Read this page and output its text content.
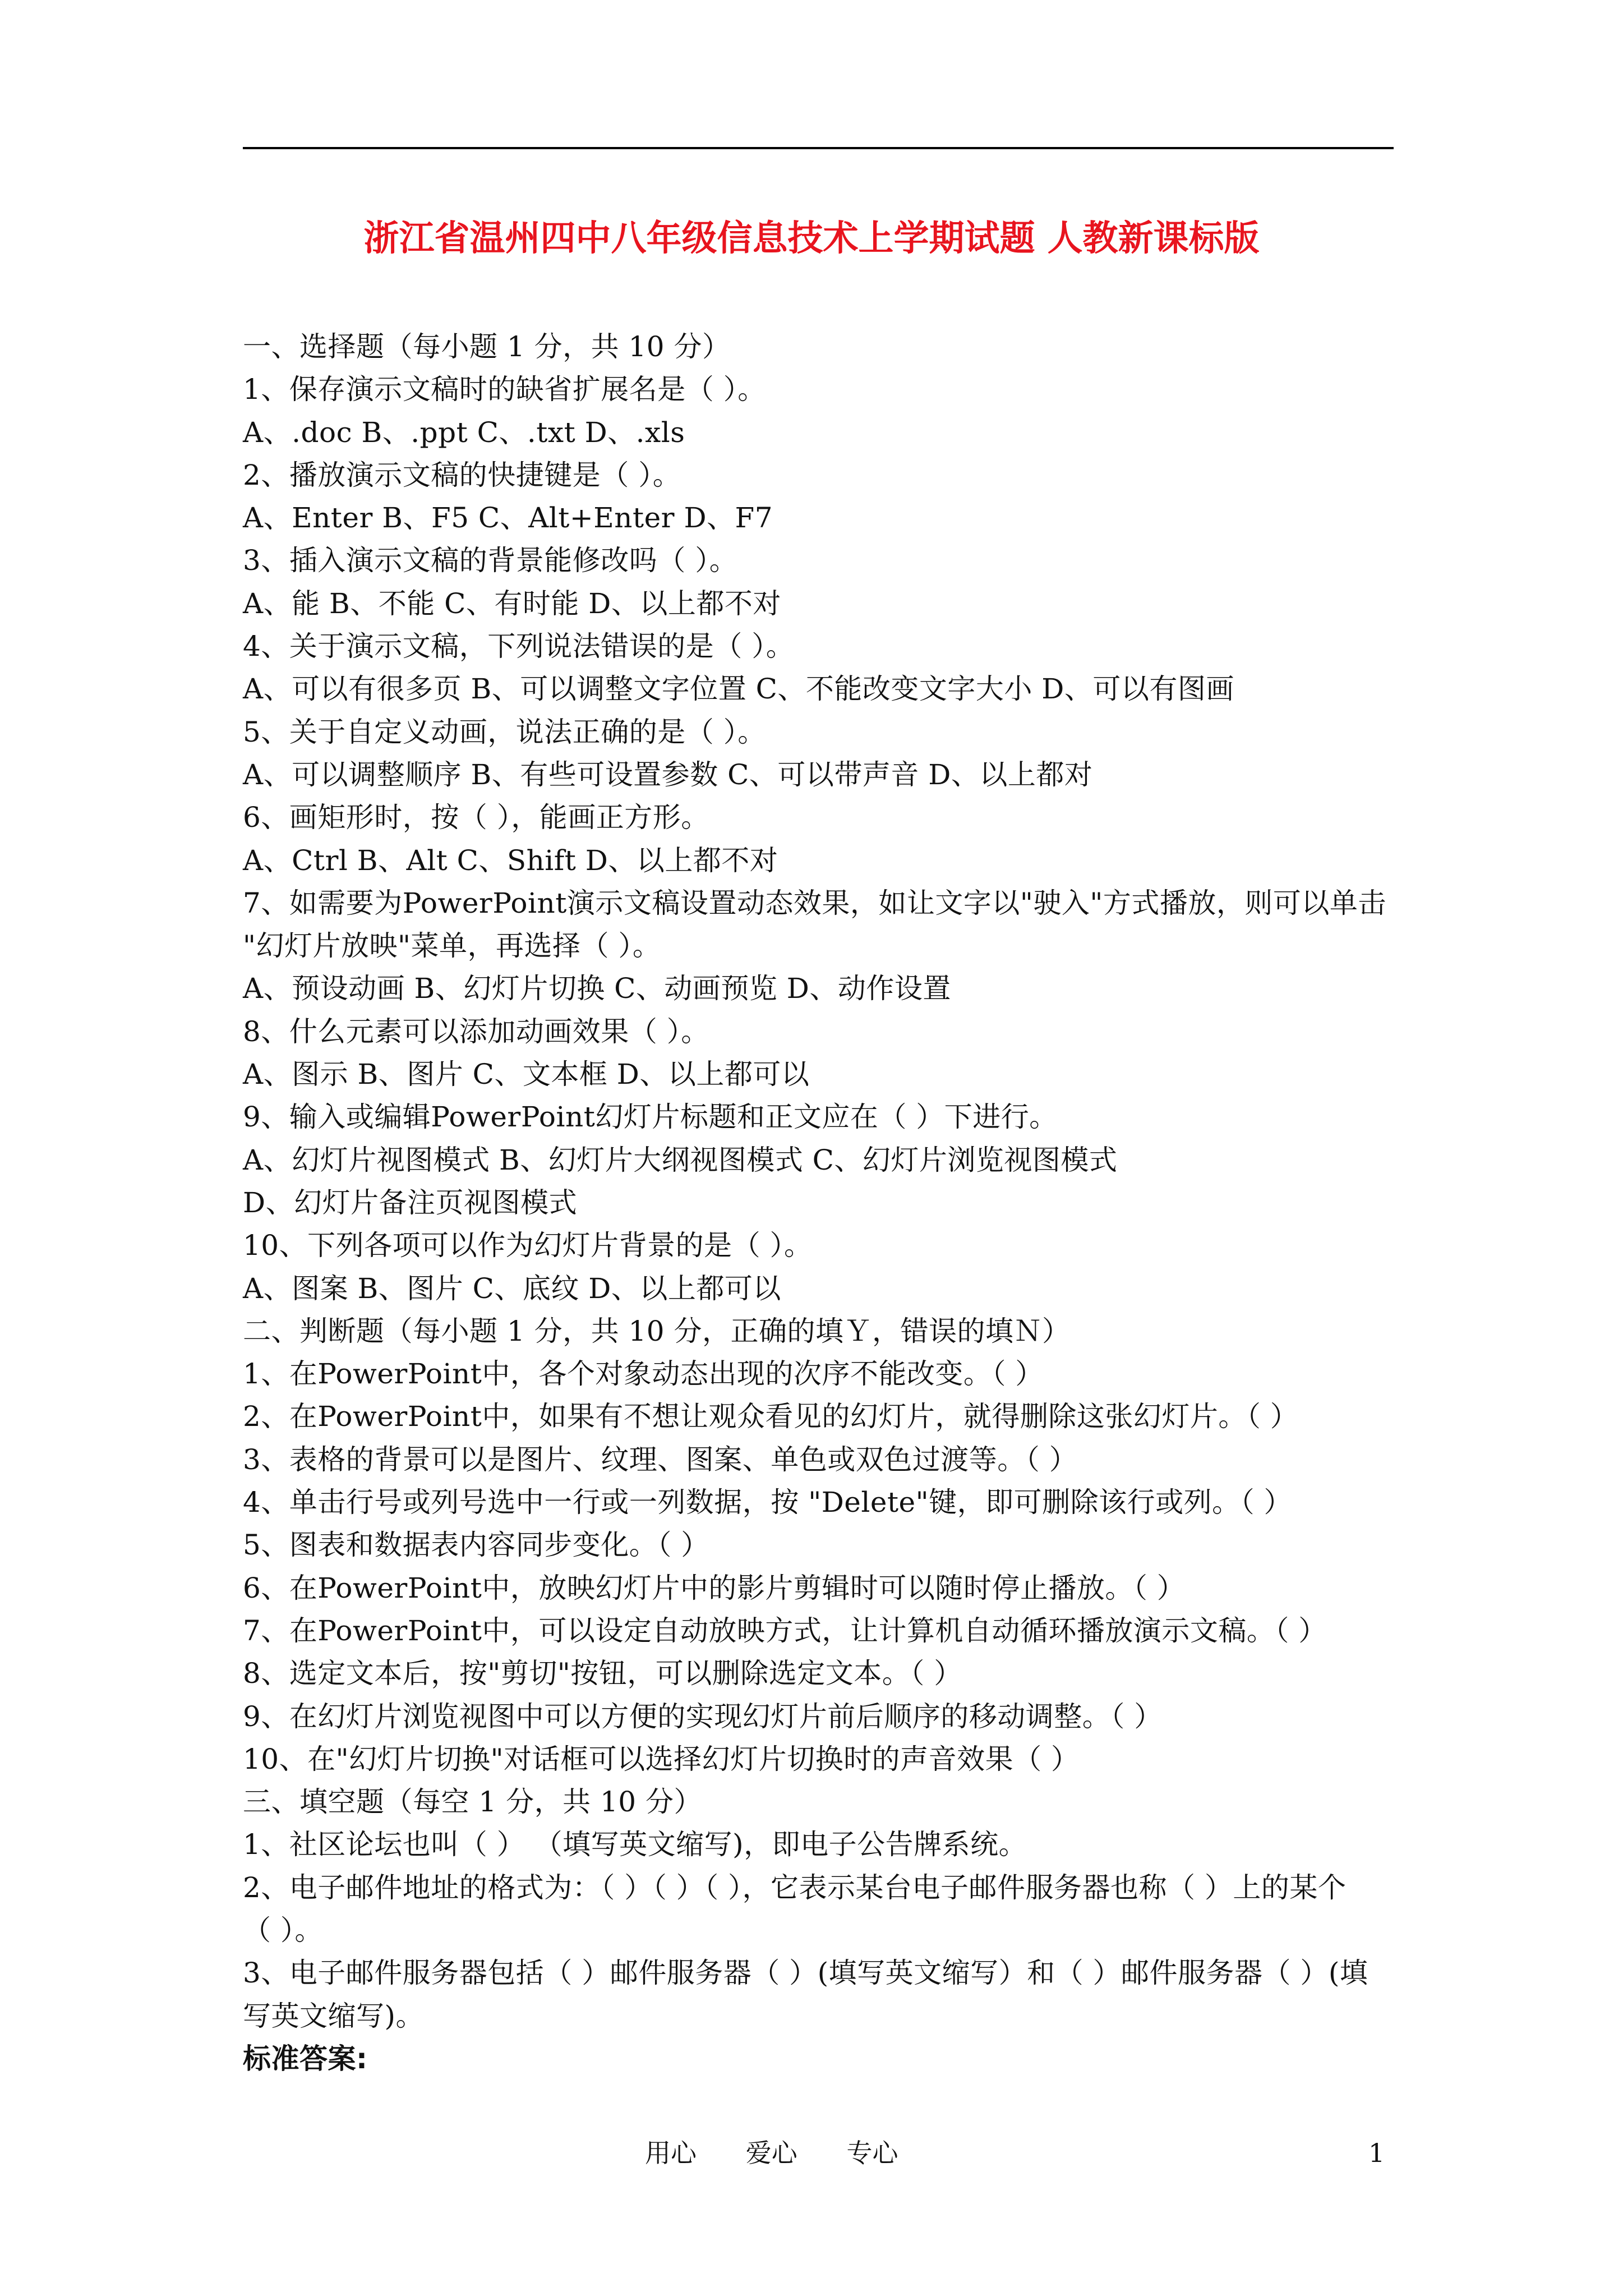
浙江省温州四中八年级信息技术上学期试题 人教新课标版
一、选择题（每小题 1 分，共 10 分）
1、保存演示文稿时的缺省扩展名是（ ）。
A、.doc B、.ppt C、.txt D、.xls
2、播放演示文稿的快捷键是（ ）。
A、Enter B、F5 C、Alt+Enter D、F7
3、插入演示文稿的背景能修改吗（ ）。
A、能 B、不能 C、有时能 D、以上都不对
4、关于演示文稿，下列说法错误的是（ ）。
A、可以有很多页 B、可以调整文字位置 C、不能改变文字大小 D、可以有图画
5、关于自定义动画，说法正确的是（ ）。
A、可以调整顺序 B、有些可设置参数 C、可以带声音 D、以上都对
6、画矩形时，按（ ），能画正方形。
A、Ctrl B、Alt C、Shift D、以上都不对
7、如需要为PowerPoint演示文稿设置动态效果，如让文字以"驶入"方式播放，则可以单击
"幻灯片放映"菜单，再选择（ ）。
A、预设动画 B、幻灯片切换 C、动画预览 D、动作设置
8、什么元素可以添加动画效果（ ）。
A、图示 B、图片 C、文本框 D、以上都可以
9、输入或编辑PowerPoint幻灯片标题和正文应在（ ）下进行。
A、幻灯片视图模式 B、幻灯片大纲视图模式 C、幻灯片浏览视图模式
D、幻灯片备注页视图模式
10、下列各项可以作为幻灯片背景的是（ ）。
A、图案 B、图片 C、底纹 D、以上都可以
二、判断题（每小题 1 分，共 10 分，正确的填Ｙ，错误的填Ｎ）
1、在PowerPoint中，各个对象动态出现的次序不能改变。（ ）
2、在PowerPoint中，如果有不想让观众看见的幻灯片，就得删除这张幻灯片。（ ）
3、表格的背景可以是图片、纹理、图案、单色或双色过渡等。（ ）
4、单击行号或列号选中一行或一列数据，按 "Delete"键，即可删除该行或列。（ ）
5、图表和数据表内容同步变化。（ ）
6、在PowerPoint中，放映幻灯片中的影片剪辑时可以随时停止播放。（ ）
7、在PowerPoint中，可以设定自动放映方式，让计算机自动循环播放演示文稿。（ ）
8、选定文本后，按"剪切"按钮，可以删除选定文本。（ ）
9、在幻灯片浏览视图中可以方便的实现幻灯片前后顺序的移动调整。（ ）
10、在"幻灯片切换"对话框可以选择幻灯片切换时的声音效果（ ）
三、填空题（每空 1 分，共 10 分）
1、社区论坛也叫（ ） （填写英文缩写)，即电子公告牌系统。
2、电子邮件地址的格式为：（ ）（ ）（ ），它表示某台电子邮件服务器也称（ ）上的某个
（ ）。
3、电子邮件服务器包括（ ）邮件服务器（ ）(填写英文缩写）和（ ）邮件服务器（ ）(填
写英文缩写)。
标准答案:
用心      爱心      专心	1
